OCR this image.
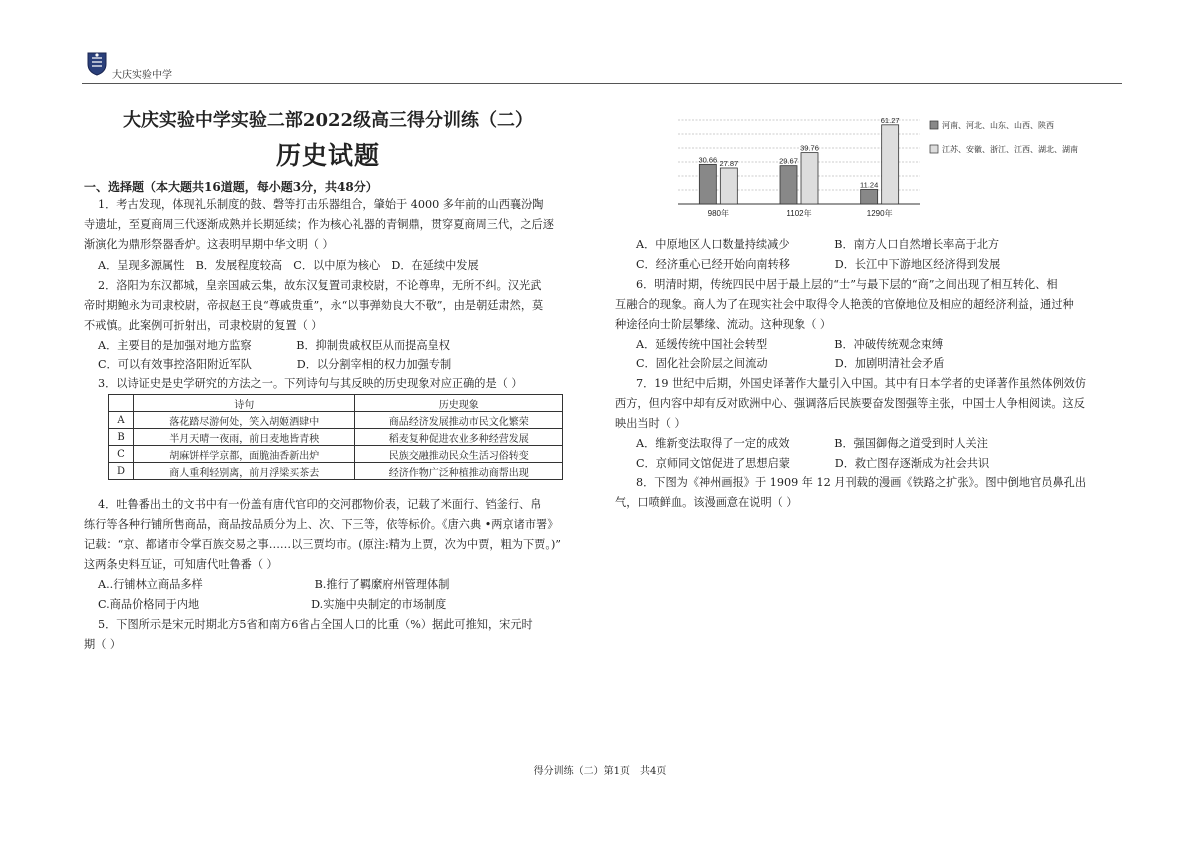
大庆实验中学
大庆实验中学实验二部2022级高三得分训练（二）
历史试题
一、选择题（本大题共16道题，每小题3分，共48分）
1．考古发现，体现礼乐制度的鼓、磬等打击乐器组合，肇始于 4000 多年前的山西襄汾陶
寺遗址，至夏商周三代逐渐成熟并长期延续；作为核心礼器的青铜鼎，贯穿夏商周三代，之后逐
渐演化为鼎形祭器香炉。这表明早期中华文明（ ）
A．呈现多源属性　B．发展程度较高　C．以中原为核心　D．在延续中发展
2．洛阳为东汉都城，皇亲国戚云集，故东汉复置司隶校尉，不论尊卑，无所不纠。汉光武
帝时期鲍永为司隶校尉，帝叔赵王良“尊戚贵重”，永“以事弹劾良大不敬”，由是朝廷肃然，莫
不戒慎。此案例可折射出，司隶校尉的复置（ ）
A．主要目的是加强对地方监察　　　　B．抑制贵戚权臣从而提高皇权
C．可以有效事控洛阳附近军队　　　　D．以分割宰相的权力加强专制
3．以诗证史是史学研究的方法之一。下列诗句与其反映的历史现象对应正确的是（ ）
	诗句	历史现象
A	落花踏尽游何处，笑入胡姬酒肆中	商品经济发展推动市民文化繁荣
B	半月天晴一夜雨，前日麦地皆青秧	稻麦复种促进农业多种经营发展
C	胡麻饼样学京都，面脆油香新出炉	民族交融推动民众生活习俗转变
D	商人重利轻别离，前月浮梁买茶去	经济作物广泛种植推动商帮出现
4．吐鲁番出土的文书中有一份盖有唐代官印的交河郡物价表，记载了米面行、铛釜行、帛
练行等各种行铺所售商品，商品按品质分为上、次、下三等，依等标价。《唐六典 •两京诸市署》
记载：“京、都诸市令掌百族交易之事……以三贾均市。(原注:精为上贾，次为中贾，粗为下贾。)”
这两条史料互证，可知唐代吐鲁番（ ）
A..行铺林立商品多样　　　　　　　　　　B.推行了羁縻府州管理体制
C.商品价格同于内地　　　　　　　　　　D.实施中央制定的市场制度
5．下图所示是宋元时期北方5省和南方6省占全国人口的比重（%）据此可推知，宋元时
期（ ）
30.66 27.87
980年
29.67
39.76
1102年
11.24
61.27
1290年
河南、河北、山东、山西、陕西
江苏、安徽、浙江、江西、湖北、湖南
A．中原地区人口数量持续减少　　　　B．南方人口自然增长率高于北方
C．经济重心已经开始向南转移　　　　D．长江中下游地区经济得到发展
6．明清时期，传统四民中居于最上层的“士”与最下层的“商”之间出现了相互转化、相
互融合的现象。商人为了在现实社会中取得令人艳羡的官僚地位及相应的超经济利益，通过种
种途径向士阶层攀缘、流动。这种现象（ ）
A．延缓传统中国社会转型　　　　　　B．冲破传统观念束缚
C．固化社会阶层之间流动　　　　　　D．加剧明清社会矛盾
7．19 世纪中后期，外国史译著作大量引入中国。其中有日本学者的史译著作虽然体例效仿
西方，但内容中却有反对欧洲中心、强调落后民族要奋发图强等主张，中国士人争相阅读。这反
映出当时（ ）
A．维新变法取得了一定的成效　　　　B．强国御侮之道受到时人关注
C．京师同文馆促进了思想启蒙　　　　D．救亡图存逐渐成为社会共识
8．下图为《神州画报》于 1909 年 12 月刊载的漫画《铁路之扩张》。图中倒地官员鼻孔出
气，口喷鲜血。该漫画意在说明（ ）
得分训练（二）第1页　共4页
